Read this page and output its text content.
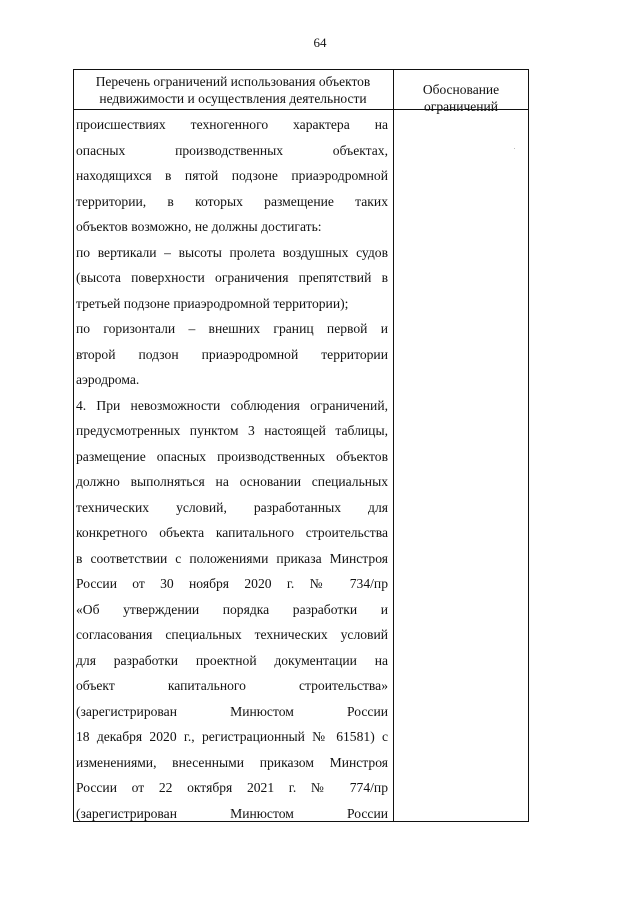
64
Перечень ограничений использования объектов недвижимости и осуществления деятельности
Обоснование ограничений
происшествиях техногенного характера на
опасных производственных объектах,
находящихся в пятой подзоне приаэродромной
территории, в которых размещение таких
объектов возможно, не должны достигать:
по вертикали – высоты пролета воздушных судов
(высота поверхности ограничения препятствий в
третьей подзоне приаэродромной территории);
по горизонтали – внешних границ первой и
второй подзон приаэродромной территории
аэродрома.
4. При невозможности соблюдения ограничений,
предусмотренных пунктом 3 настоящей таблицы,
размещение опасных производственных объектов
должно выполняться на основании специальных
технических условий, разработанных для
конкретного объекта капитального строительства
в соответствии с положениями приказа Минстроя
России от 30 ноября 2020 г. № 734/пр
«Об утверждении порядка разработки и
согласования специальных технических условий
для разработки проектной документации на
объект капитального строительства»
(зарегистрирован Минюстом России
18 декабря 2020 г., регистрационный № 61581) с
изменениями, внесенными приказом Минстроя
России от 22 октября 2021 г. № 774/пр
(зарегистрирован Минюстом России
